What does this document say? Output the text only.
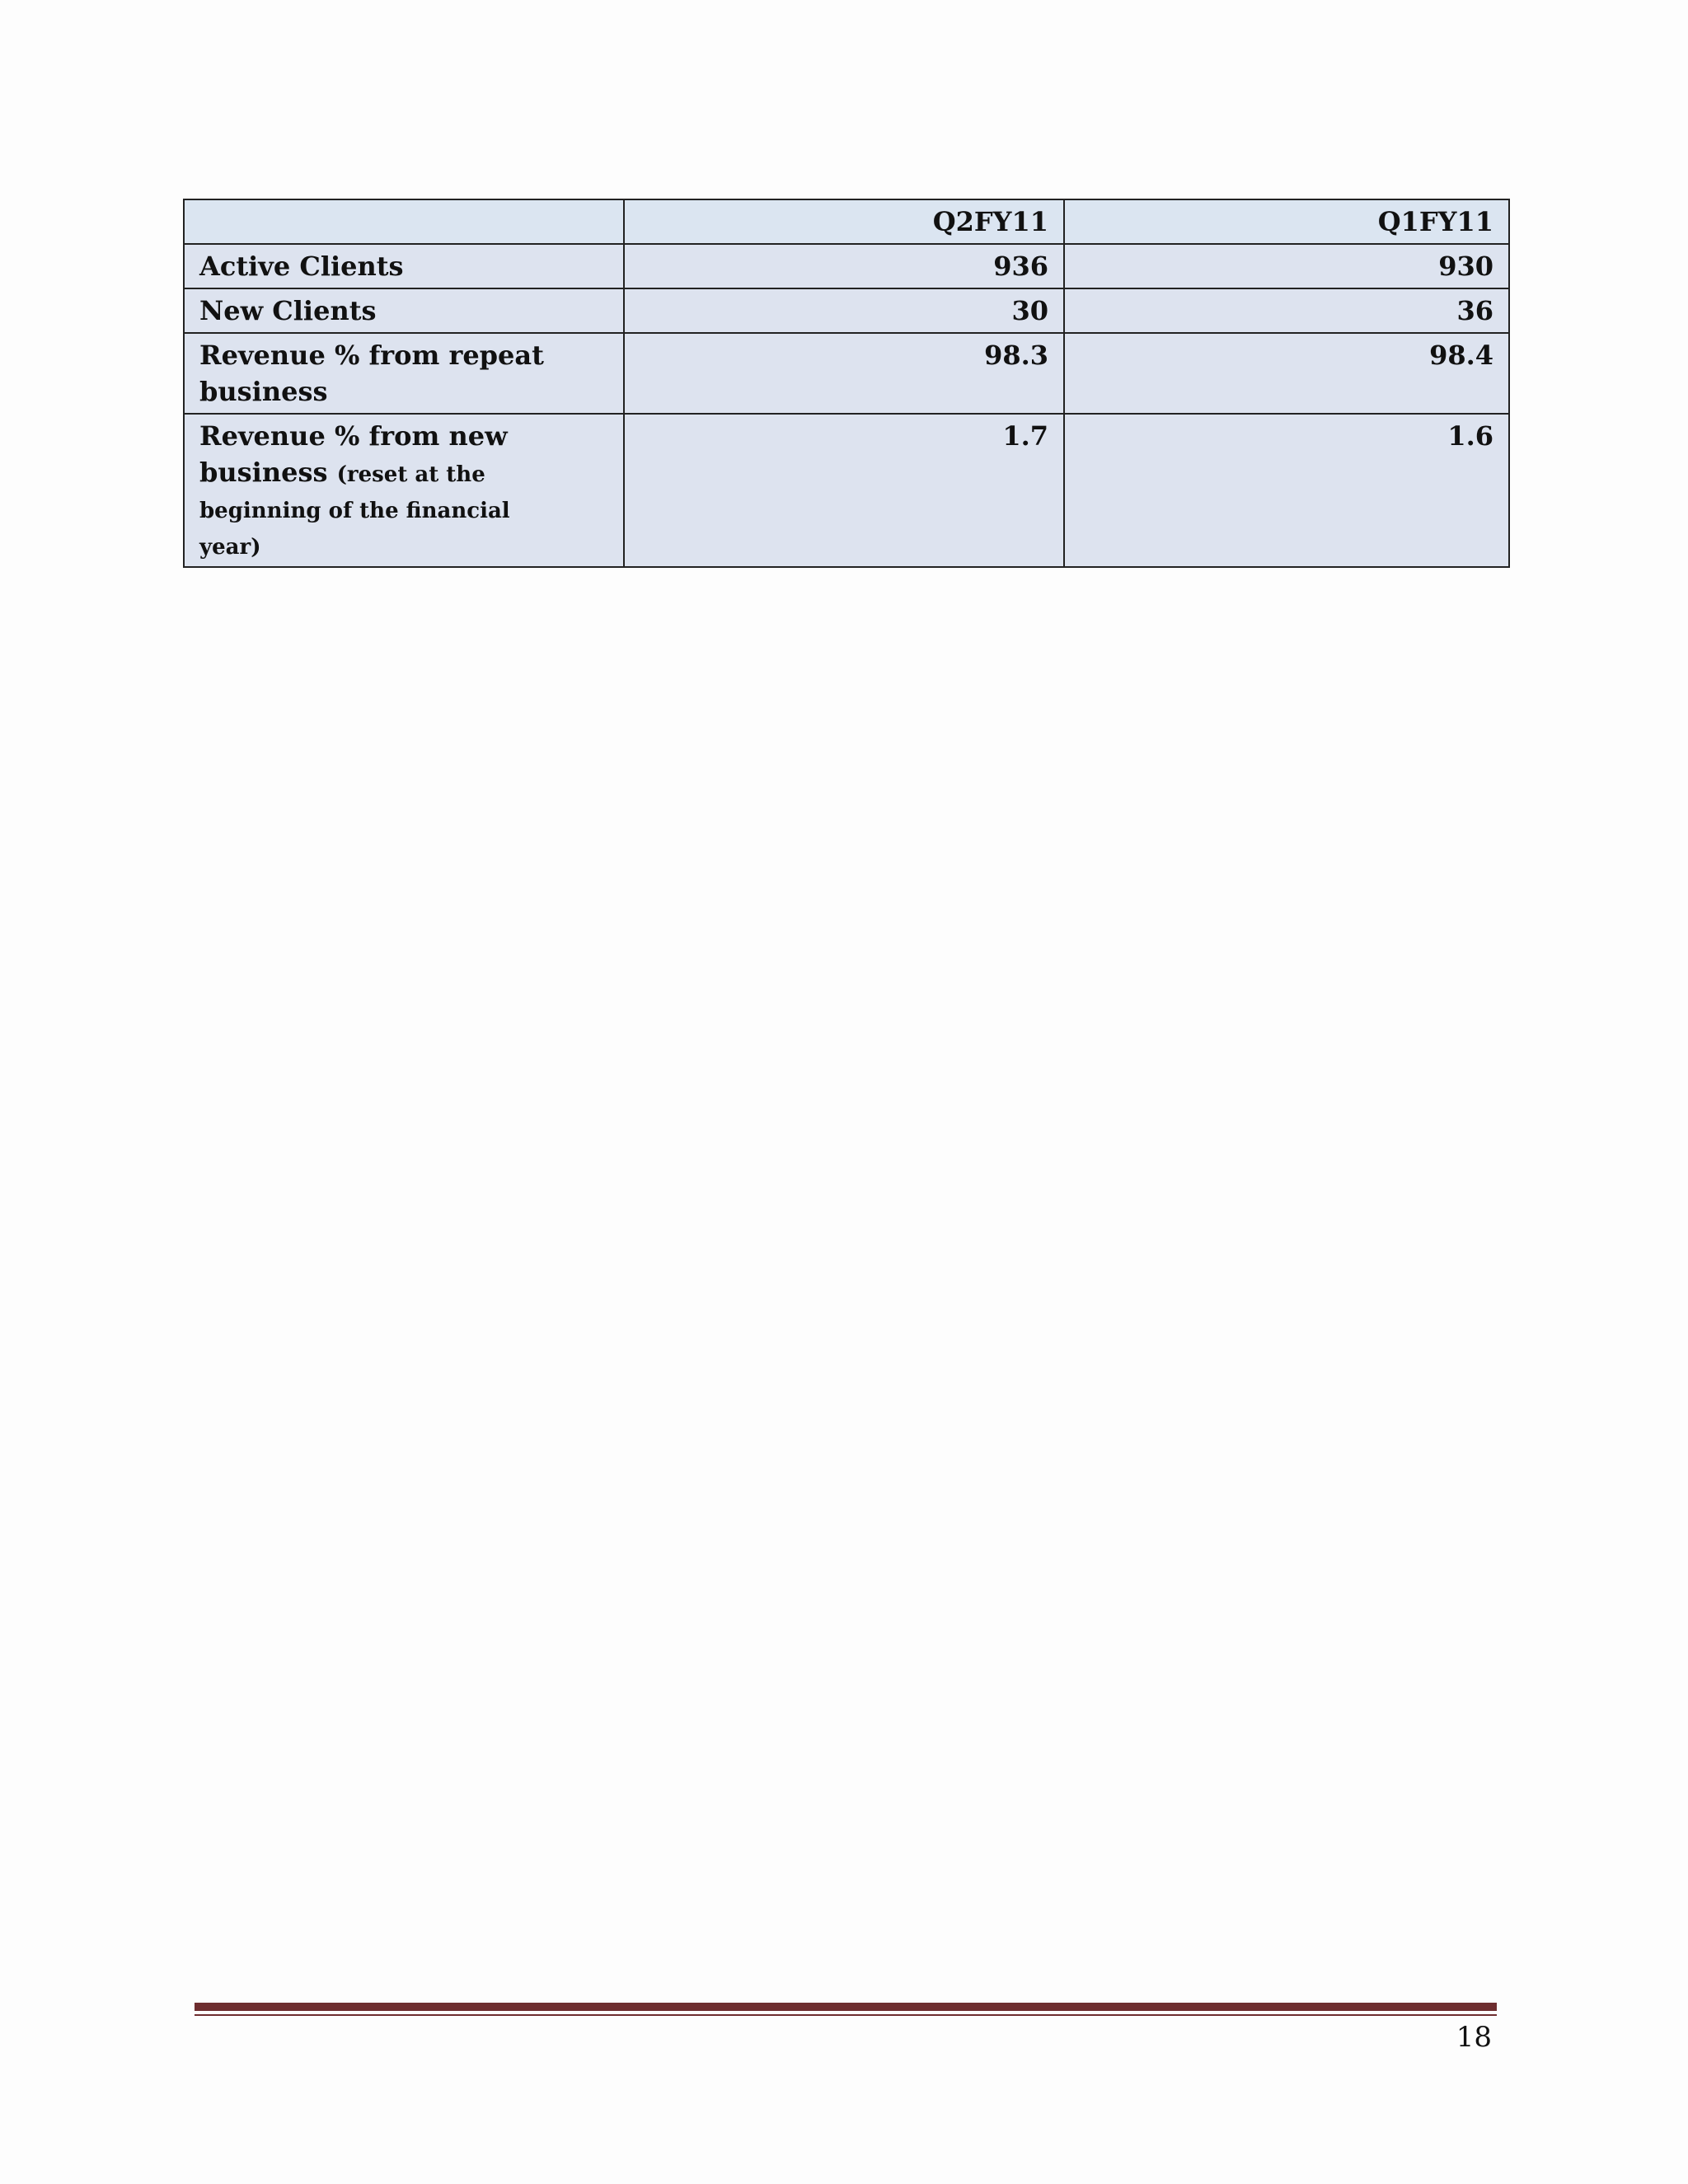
	Q2FY11	Q1FY11
Active Clients	936	930
New Clients	30	36
Revenue % from repeat business	98.3	98.4
Revenue % from new business (reset at the beginning of the financial year)	1.7	1.6
18
